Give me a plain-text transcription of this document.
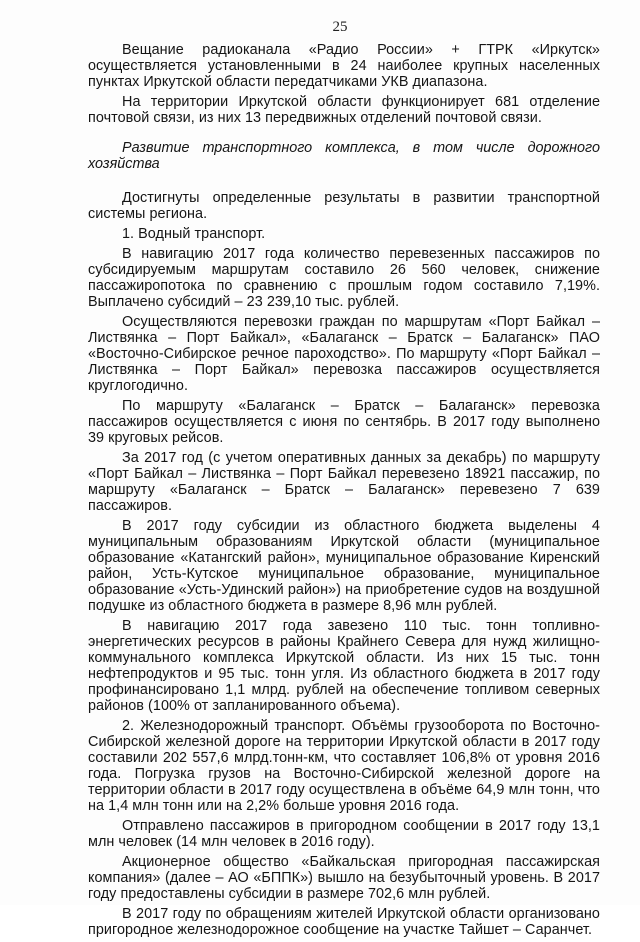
25

Вещание радиоканала «Радио России» + ГТРК «Иркутск» осуществляется установленными в 24 наиболее крупных населенных пунктах Иркутской области передатчиками УКВ диапазона.

На территории Иркутской области функционирует 681 отделение почтовой связи, из них 13 передвижных отделений почтовой связи.

Развитие транспортного комплекса, в том числе дорожного хозяйства

Достигнуты определенные результаты в развитии транспортной системы региона.

1. Водный транспорт.

В навигацию 2017 года количество перевезенных пассажиров по субсидируемым маршрутам составило 26 560 человек, снижение пассажиропотока по сравнению с прошлым годом составило 7,19%. Выплачено субсидий – 23 239,10 тыс. рублей.

Осуществляются перевозки граждан по маршрутам «Порт Байкал – Листвянка – Порт Байкал», «Балаганск – Братск – Балаганск» ПАО «Восточно-Сибирское речное пароходство». По маршруту «Порт Байкал – Листвянка – Порт Байкал» перевозка пассажиров осуществляется круглогодично.

По маршруту «Балаганск – Братск – Балаганск» перевозка пассажиров осуществляется с июня по сентябрь. В 2017 году выполнено 39 круговых рейсов.

За 2017 год (с учетом оперативных данных за декабрь) по маршруту «Порт Байкал – Листвянка – Порт Байкал перевезено 18921 пассажир, по маршруту «Балаганск – Братск – Балаганск» перевезено 7 639 пассажиров.

В 2017 году субсидии из областного бюджета выделены 4 муниципальным образованиям Иркутской области (муниципальное образование «Катангский район», муниципальное образование Киренский район, Усть-Кутское муниципальное образование, муниципальное образование «Усть-Удинский район») на приобретение судов на воздушной подушке из областного бюджета в размере 8,96 млн рублей.

В навигацию 2017 года завезено 110 тыс. тонн топливно-энергетических ресурсов в районы Крайнего Севера для нужд жилищно-коммунального комплекса Иркутской области. Из них 15 тыс. тонн нефтепродуктов и 95 тыс. тонн угля. Из областного бюджета в 2017 году профинансировано 1,1 млрд. рублей на обеспечение топливом северных районов (100% от запланированного объема).

2. Железнодорожный транспорт. Объёмы грузооборота по Восточно-Сибирской железной дороге на территории Иркутской области в 2017 году составили 202 557,6 млрд.тонн-км, что составляет 106,8% от уровня 2016 года. Погрузка грузов на Восточно-Сибирской железной дороге на территории области в 2017 году осуществлена в объёме 64,9 млн тонн, что на 1,4 млн тонн или на 2,2% больше уровня 2016 года.

Отправлено пассажиров в пригородном сообщении в 2017 году 13,1 млн человек (14 млн человек в 2016 году).

Акционерное общество «Байкальская пригородная пассажирская компания» (далее – АО «БППК») вышло на безубыточный уровень. В 2017 году предоставлены субсидии в размере 702,6 млн рублей.

В 2017 году по обращениям жителей Иркутской области организовано пригородное железнодорожное сообщение на участке Тайшет – Саранчет.
